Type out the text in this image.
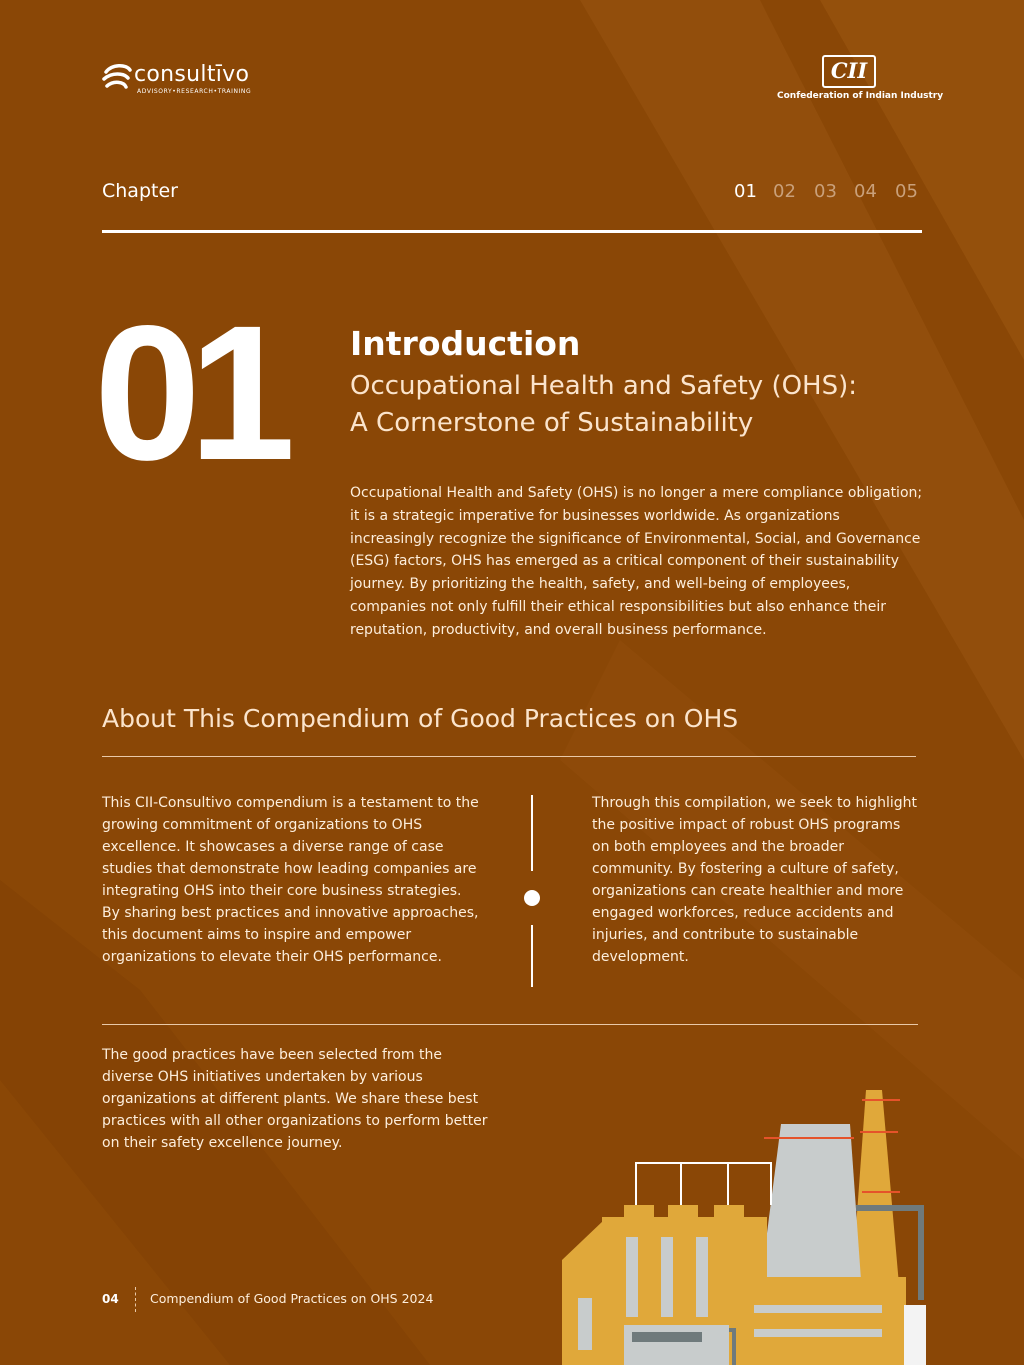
consultīvo
ADVISORY•RESEARCH•TRAINING
CII
Confederation of Indian Industry
Chapter	01 02 03 04 05
01 Introduction
Occupational Health and Safety (OHS):
A Cornerstone of Sustainability

Occupational Health and Safety (OHS) is no longer a mere compliance obligation; it is a strategic imperative for businesses worldwide. As organizations increasingly recognize the significance of Environmental, Social, and Governance (ESG) factors, OHS has emerged as a critical component of their sustainability journey. By prioritizing the health, safety, and well-being of employees, companies not only fulfill their ethical responsibilities but also enhance their reputation, productivity, and overall business performance.

About This Compendium of Good Practices on OHS

This CII-Consultivo compendium is a testament to the growing commitment of organizations to OHS excellence. It showcases a diverse range of case studies that demonstrate how leading companies are integrating OHS into their core business strategies. By sharing best practices and innovative approaches, this document aims to inspire and empower organizations to elevate their OHS performance.

Through this compilation, we seek to highlight the positive impact of robust OHS programs on both employees and the broader community. By fostering a culture of safety, organizations can create healthier and more engaged workforces, reduce accidents and injuries, and contribute to sustainable development.

The good practices have been selected from the diverse OHS initiatives undertaken by various organizations at different plants. We share these best practices with all other organizations to perform better on their safety excellence journey.

04	Compendium of Good Practices on OHS 2024
